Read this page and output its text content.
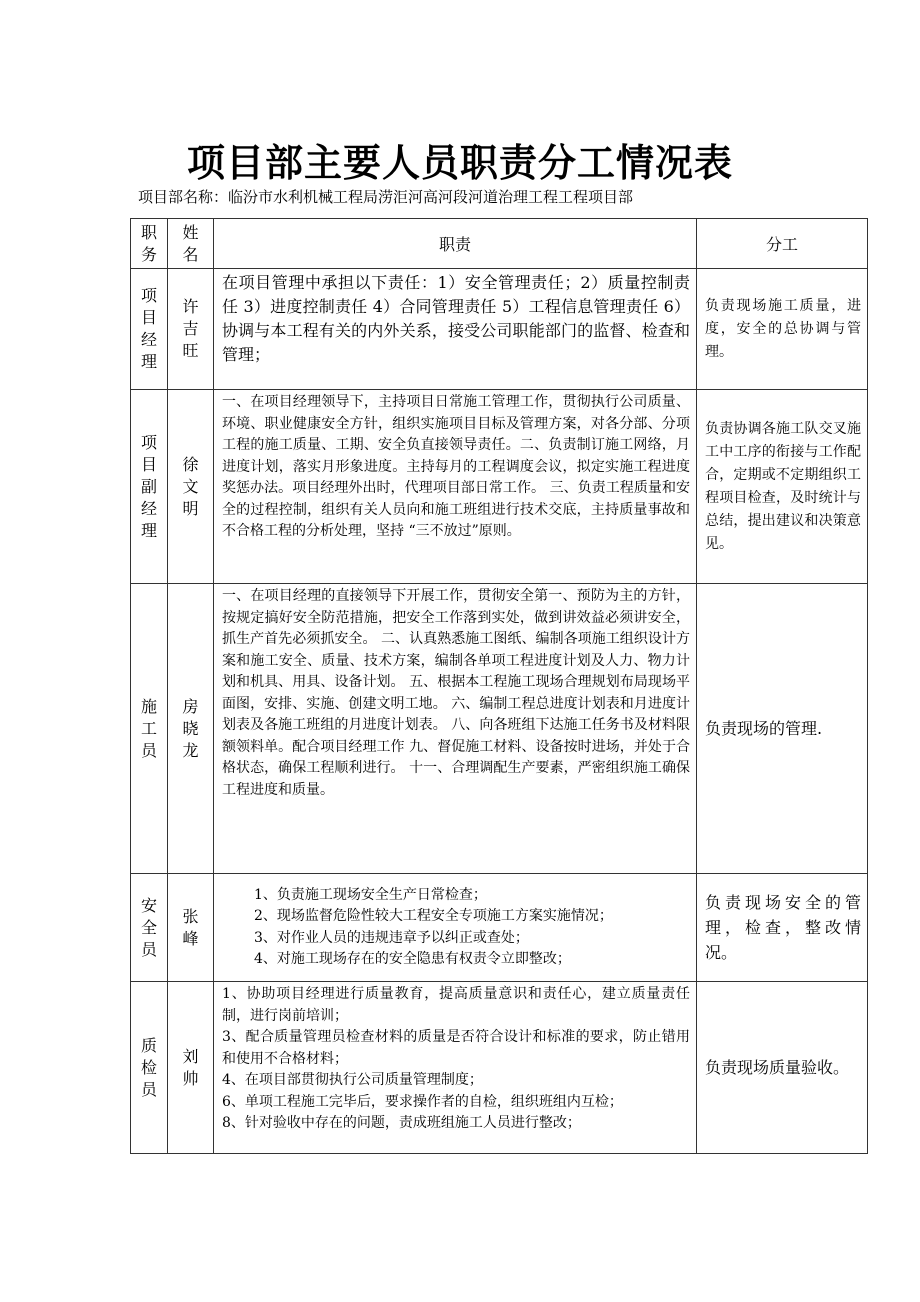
项目部主要人员职责分工情况表
项目部名称：临汾市水利机械工程局涝洰河高河段河道治理工程工程项目部
职务	姓名	职责	分工
项目经理	许吉旺	在项目管理中承担以下责任：1）安全管理责任；2）质量控制责任 3）进度控制责任 4）合同管理责任 5）工程信息管理责任 6） 协调与本工程有关的内外关系，接受公司职能部门的监督、检查和管理；	负责现场施工质量，进度，安全的总协调与管理。
项目副经理	徐文明	一、在项目经理领导下，主持项目日常施工管理工作，贯彻执行公司质量、环境、职业健康安全方针，组织实施项目目标及管理方案，对各分部、分项工程的施工质量、工期、安全负直接领导责任。二、负责制订施工网络，月进度计划，落实月形象进度。主持每月的工程调度会议，拟定实施工程进度奖惩办法。项目经理外出时，代理项目部日常工作。 三、负责工程质量和安全的过程控制，组织有关人员向和施工班组进行技术交底，主持质量事故和不合格工程的分析处理，坚持 “三不放过”原则。	负责协调各施工队交叉施工中工序的衔接与工作配合，定期或不定期组织工程项目检查，及时统计与总结，提出建议和决策意见。
施工员	房晓龙	一、在项目经理的直接领导下开展工作，贯彻安全第一、预防为主的方针，按规定搞好安全防范措施，把安全工作落到实处，做到讲效益必须讲安全，抓生产首先必须抓安全。 二、认真熟悉施工图纸、编制各项施工组织设计方案和施工安全、质量、技术方案，编制各单项工程进度计划及人力、物力计划和机具、用具、设备计划。 五、根据本工程施工现场合理规划布局现场平面图，安排、实施、创建文明工地。 六、编制工程总进度计划表和月进度计划表及各施工班组的月进度计划表。 八、向各班组下达施工任务书及材料限额领料单。配合项目经理工作 九、督促施工材料、设备按时进场，并处于合格状态，确保工程顺利进行。 十一、合理调配生产要素，严密组织施工确保工程进度和质量。	负责现场的管理.
安全员	张峰	1、负责施工现场安全生产日常检查；

2、现场监督危险性较大工程安全专项施工方案实施情况；

3、对作业人员的违规违章予以纠正或查处；

4、对施工现场存在的安全隐患有权责令立即整改；	负责现场安全的管理，检查，整改情况。
质检员	刘帅	1、协助项目经理进行质量教育，提高质量意识和责任心，建立质量责任制，进行岗前培训；

3、配合质量管理员检查材料的质量是否符合设计和标准的要求，防止错用和使用不合格材料；

4、在项目部贯彻执行公司质量管理制度；

6、单项工程施工完毕后，要求操作者的自检，组织班组内互检；

8、针对验收中存在的问题，责成班组施工人员进行整改；	负责现场质量验收。
